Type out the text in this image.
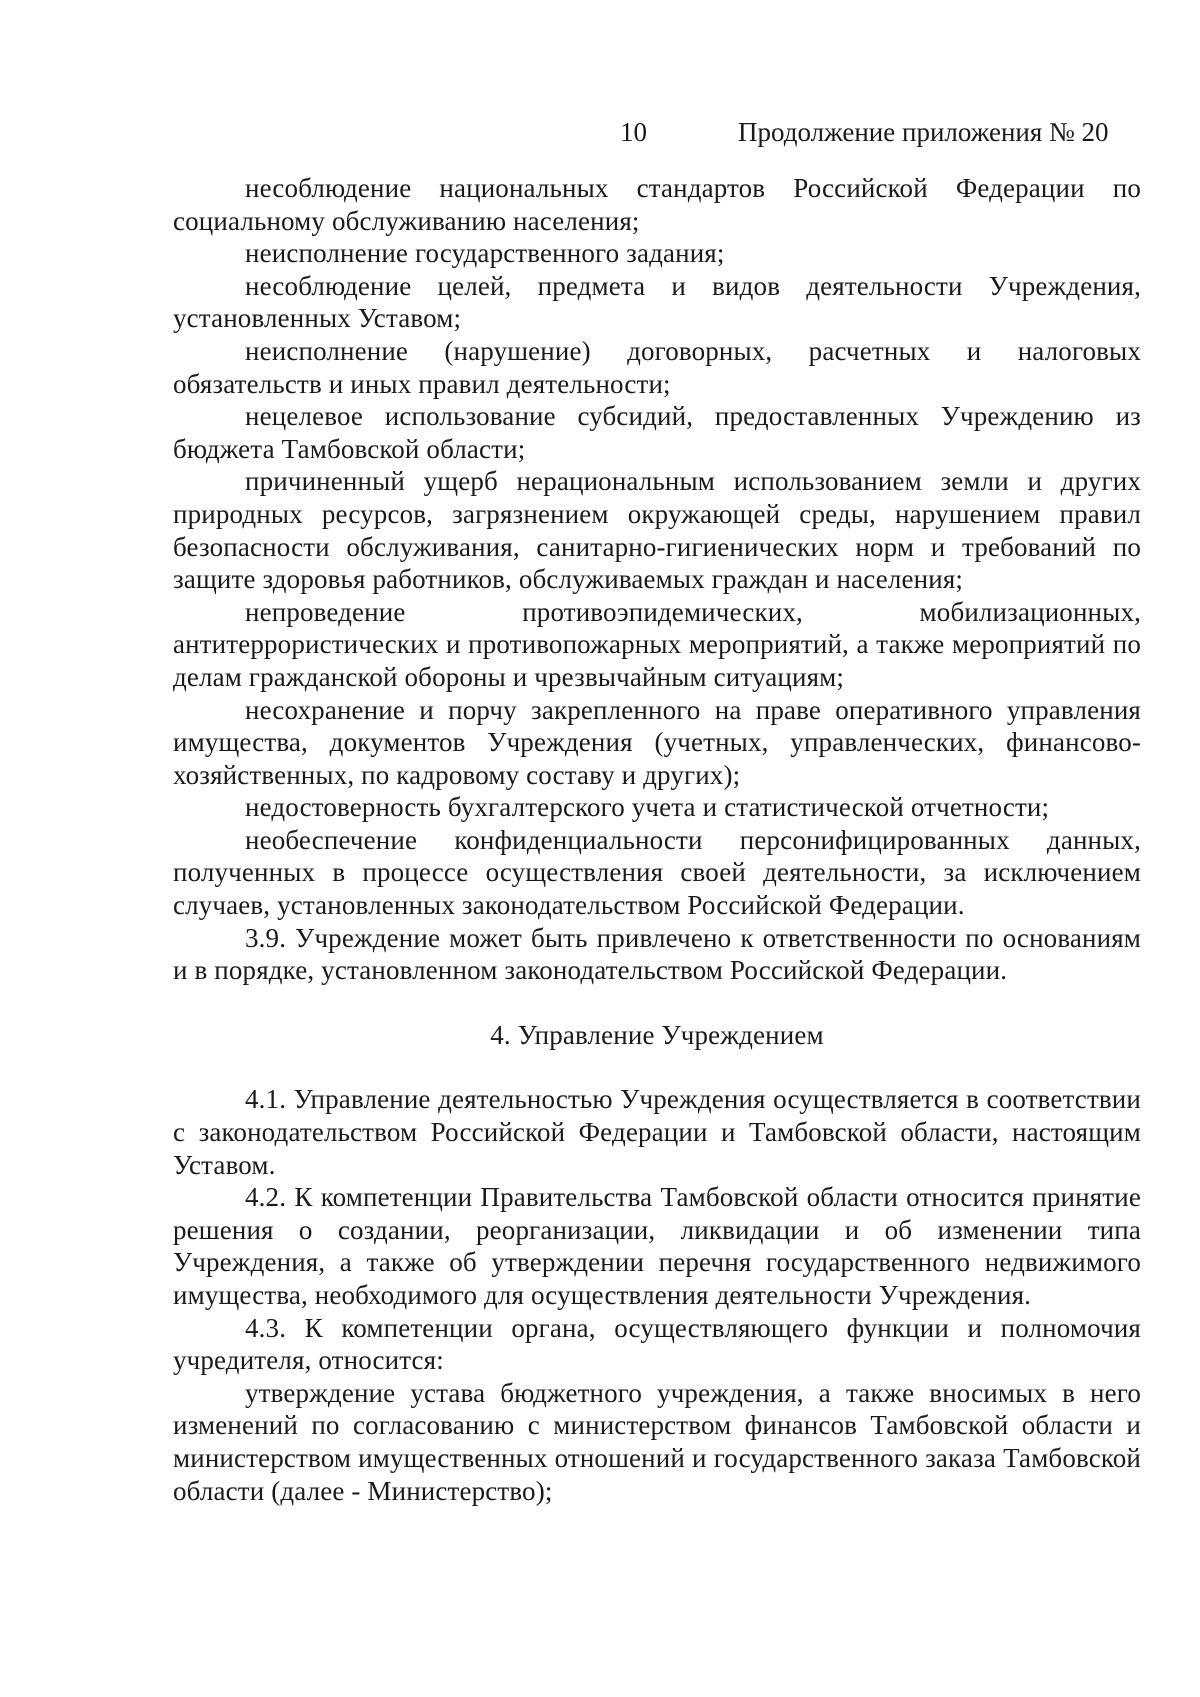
10	Продолжение приложения № 20

несоблюдение национальных стандартов Российской Федерации по социальному обслуживанию населения;

неисполнение государственного задания;

несоблюдение целей, предмета и видов деятельности Учреждения, установленных Уставом;

неисполнение (нарушение) договорных, расчетных и налоговых обязательств и иных правил деятельности;

нецелевое использование субсидий, предоставленных Учреждению из бюджета Тамбовской области;

причиненный ущерб нерациональным использованием земли и других природных ресурсов, загрязнением окружающей среды, нарушением правил безопасности обслуживания, санитарно-гигиенических норм и требований по защите здоровья работников, обслуживаемых граждан и населения;

непроведение противоэпидемических, мобилизационных, антитеррористических и противопожарных мероприятий, а также мероприятий по делам гражданской обороны и чрезвычайным ситуациям;

несохранение и порчу закрепленного на праве оперативного управления имущества, документов Учреждения (учетных, управленческих, финансово-хозяйственных, по кадровому составу и других);

недостоверность бухгалтерского учета и статистической отчетности;

необеспечение конфиденциальности персонифицированных данных, полученных в процессе осуществления своей деятельности, за исключением случаев, установленных законодательством Российской Федерации.

3.9. Учреждение может быть привлечено к ответственности по основаниям и в порядке, установленном законодательством Российской Федерации.

4. Управление Учреждением

4.1. Управление деятельностью Учреждения осуществляется в соответствии с законодательством Российской Федерации и Тамбовской области, настоящим Уставом.

4.2. К компетенции Правительства Тамбовской области относится принятие решения о создании, реорганизации, ликвидации и об изменении типа Учреждения, а также об утверждении перечня государственного недвижимого имущества, необходимого для осуществления деятельности Учреждения.

4.3. К компетенции органа, осуществляющего функции и полномочия учредителя, относится:

утверждение устава бюджетного учреждения, а также вносимых в него изменений по согласованию с министерством финансов Тамбовской области и министерством имущественных отношений и государственного заказа Тамбовской области (далее - Министерство);
